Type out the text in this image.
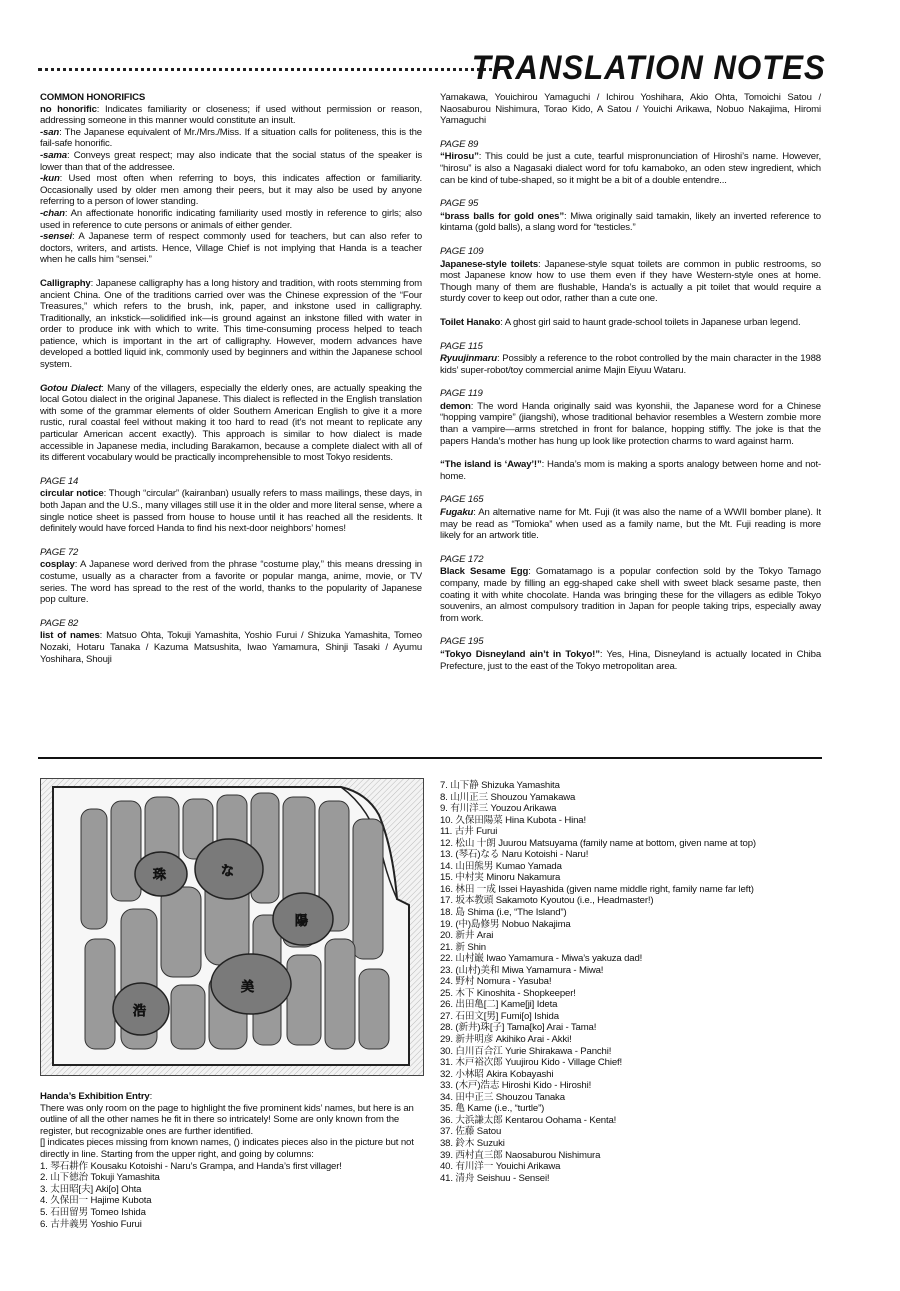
TRANSLATION NOTES

COMMON HONORIFICS

no honorific: Indicates familiarity or closeness; if used without permission or reason, addressing someone in this manner would constitute an insult.

-san: The Japanese equivalent of Mr./Mrs./Miss. If a situation calls for politeness, this is the fail-safe honorific.

-sama: Conveys great respect; may also indicate that the social status of the speaker is lower than that of the addressee.

-kun: Used most often when referring to boys, this indicates affection or familiarity. Occasionally used by older men among their peers, but it may also be used by anyone referring to a person of lower standing.

-chan: An affectionate honorific indicating familiarity used mostly in reference to girls; also used in reference to cute persons or animals of either gender.

-sensei: A Japanese term of respect commonly used for teachers, but can also refer to doctors, writers, and artists. Hence, Village Chief is not implying that Handa is a teacher when he calls him “sensei.”

Calligraphy: Japanese calligraphy has a long history and tradition, with roots stemming from ancient China. One of the traditions carried over was the Chinese expression of the “Four Treasures,” which refers to the brush, ink, paper, and inkstone used in calligraphy. Traditionally, an inkstick—solidified ink—is ground against an inkstone filled with water in order to produce ink with which to write. This time-consuming process helped to teach patience, which is important in the art of calligraphy. However, modern advances have developed a bottled liquid ink, commonly used by beginners and within the Japanese school system.

Gotou Dialect: Many of the villagers, especially the elderly ones, are actually speaking the local Gotou dialect in the original Japanese. This dialect is reflected in the English translation with some of the grammar elements of older Southern American English to give it a more rustic, rural coastal feel without making it too hard to read (it’s not meant to replicate any particular American accent exactly). This approach is similar to how dialect is made accessible in Japanese media, including Barakamon, because a complete dialect with all of its different vocabulary would be practically incomprehensible to most Tokyo residents.

PAGE 14

circular notice: Though “circular” (kairanban) usually refers to mass mailings, these days, in both Japan and the U.S., many villages still use it in the older and more literal sense, where a single notice sheet is passed from house to house until it has reached all the residents. It definitely would have forced Handa to find his next-door neighbors’ homes!

PAGE 72

cosplay: A Japanese word derived from the phrase “costume play,” this means dressing in costume, usually as a character from a favorite or popular manga, anime, movie, or TV series. The word has spread to the rest of the world, thanks to the popularity of Japanese pop culture.

PAGE 82

list of names: Matsuo Ohta, Tokuji Yamashita, Yoshio Furui / Shizuka Yamashita, Tomeo Nozaki, Hotaru Tanaka / Kazuma Matsushita, Iwao Yamamura, Shinji Tasaki / Ayumu Yoshihara, Shouji

Yamakawa, Youichirou Yamaguchi / Ichirou Yoshihara, Akio Ohta, Tomoichi Satou / Naosaburou Nishimura, Torao Kido, A Satou / Youichi Arikawa, Nobuo Nakajima, Hiromi Yamaguchi

PAGE 89

“Hirosu”: This could be just a cute, tearful mispronunciation of Hiroshi’s name. However, “hirosu” is also a Nagasaki dialect word for tofu kamaboko, an oden stew ingredient, which can be kind of tube-shaped, so it might be a bit of a double entendre...

PAGE 95

“brass balls for gold ones”: Miwa originally said tamakin, likely an inverted reference to kintama (gold balls), a slang word for “testicles.”

PAGE 109

Japanese-style toilets: Japanese-style squat toilets are common in public restrooms, so most Japanese know how to use them even if they have Western-style ones at home. Though many of them are flushable, Handa’s is actually a pit toilet that would require a sturdy cover to keep out odor, rather than a cute one.

Toilet Hanako: A ghost girl said to haunt grade-school toilets in Japanese urban legend.

PAGE 115

Ryuujinmaru: Possibly a reference to the robot controlled by the main character in the 1988 kids’ super-robot/toy commercial anime Majin Eiyuu Wataru.

PAGE 119

demon: The word Handa originally said was kyonshii, the Japanese word for a Chinese “hopping vampire” (jiangshi), whose traditional behavior resembles a Western zombie more than a vampire—arms stretched in front for balance, hopping stiffly. The joke is that the papers Handa’s mother has hung up look like protection charms to ward against harm.

“The island is ‘Away’!”: Handa’s mom is making a sports analogy between home and not-home.

PAGE 165

Fugaku: An alternative name for Mt. Fuji (it was also the name of a WWII bomber plane). It may be read as “Tomioka” when used as a family name, but the Mt. Fuji reading is more likely for an artwork title.

PAGE 172

Black Sesame Egg: Gomatamago is a popular confection sold by the Tokyo Tamago company, made by filling an egg-shaped cake shell with sweet black sesame paste, then coating it with white chocolate. Handa was bringing these for the villagers as edible Tokyo souvenirs, an almost compulsory tradition in Japan for people taking trips, especially away from work.

PAGE 195

“Tokyo Disneyland ain’t in Tokyo!”: Yes, Hina, Disneyland is actually located in Chiba Prefecture, just to the east of the Tokyo metropolitan area.

珠	な
美
浩
陽
Handa’s Exhibition Entry:
There was only room on the page to highlight the five prominent kids’ names, but here is an outline of all the other names he fit in there so intricately! Some are only known from the register, but recognizable ones are further identified.
[] indicates pieces missing from known names, () indicates pieces also in the picture but not directly in line. Starting from the upper right, and going by columns:
1. 琴石耕作 Kousaku Kotoishi - Naru’s Grampa, and Handa’s first villager!
2. 山下徳治 Tokuji Yamashita
3. 太田昭[夫] Aki[o] Ohta
4. 久保田一 Hajime Kubota
5. 石田留男 Tomeo Ishida
6. 古井義男 Yoshio Furui
7. 山下静 Shizuka Yamashita
8. 山川正三 Shouzou Yamakawa
9. 有川洋三 Youzou Arikawa
10. 久保田陽菜 Hina Kubota - Hina!
11. 古井 Furui
12. 松山 十朗 Juurou Matsuyama (family name at bottom, given name at top)
13. (琴石)なる Naru Kotoishi - Naru!
14. 山田熊男 Kumao Yamada
15. 中村実 Minoru Nakamura
16. 林田 一成 Issei Hayashida (given name middle right, family name far left)
17. 坂本教頭 Sakamoto Kyoutou (i.e., Headmaster!)
18. 島 Shima (i.e, “The Island”)
19. (中)島修男 Nobuo Nakajima
20. 新井 Arai
21. 新 Shin
22. 山村巌 Iwao Yamamura - Miwa’s yakuza dad!
23. (山村)美和 Miwa Yamamura - Miwa!
24. 野村 Nomura - Yasuba!
25. 木下 Kinoshita - Shopkeeper!
26. 出田亀[二] Kame[ji] Ideta
27. 石田文[男] Fumi[o] Ishida
28. (新井)珠[子] Tama[ko] Arai - Tama!
29. 新井明彦 Akihiko Arai - Akki!
30. 白川百合江 Yurie Shirakawa - Panchi!
31. 木戸裕次郎 Yuujirou Kido - Village Chief!
32. 小林昭 Akira Kobayashi
33. (木戸)浩志 Hiroshi Kido - Hiroshi!
34. 田中正三 Shouzou Tanaka
35. 亀 Kame (i.e., “turtle”)
36. 大浜謙太郎 Kentarou Oohama - Kenta!
37. 佐藤 Satou
38. 鈴木 Suzuki
39. 西村直三郎 Naosaburou Nishimura
40. 有川洋一 Youichi Arikawa
41. 清舟 Seishuu - Sensei!
